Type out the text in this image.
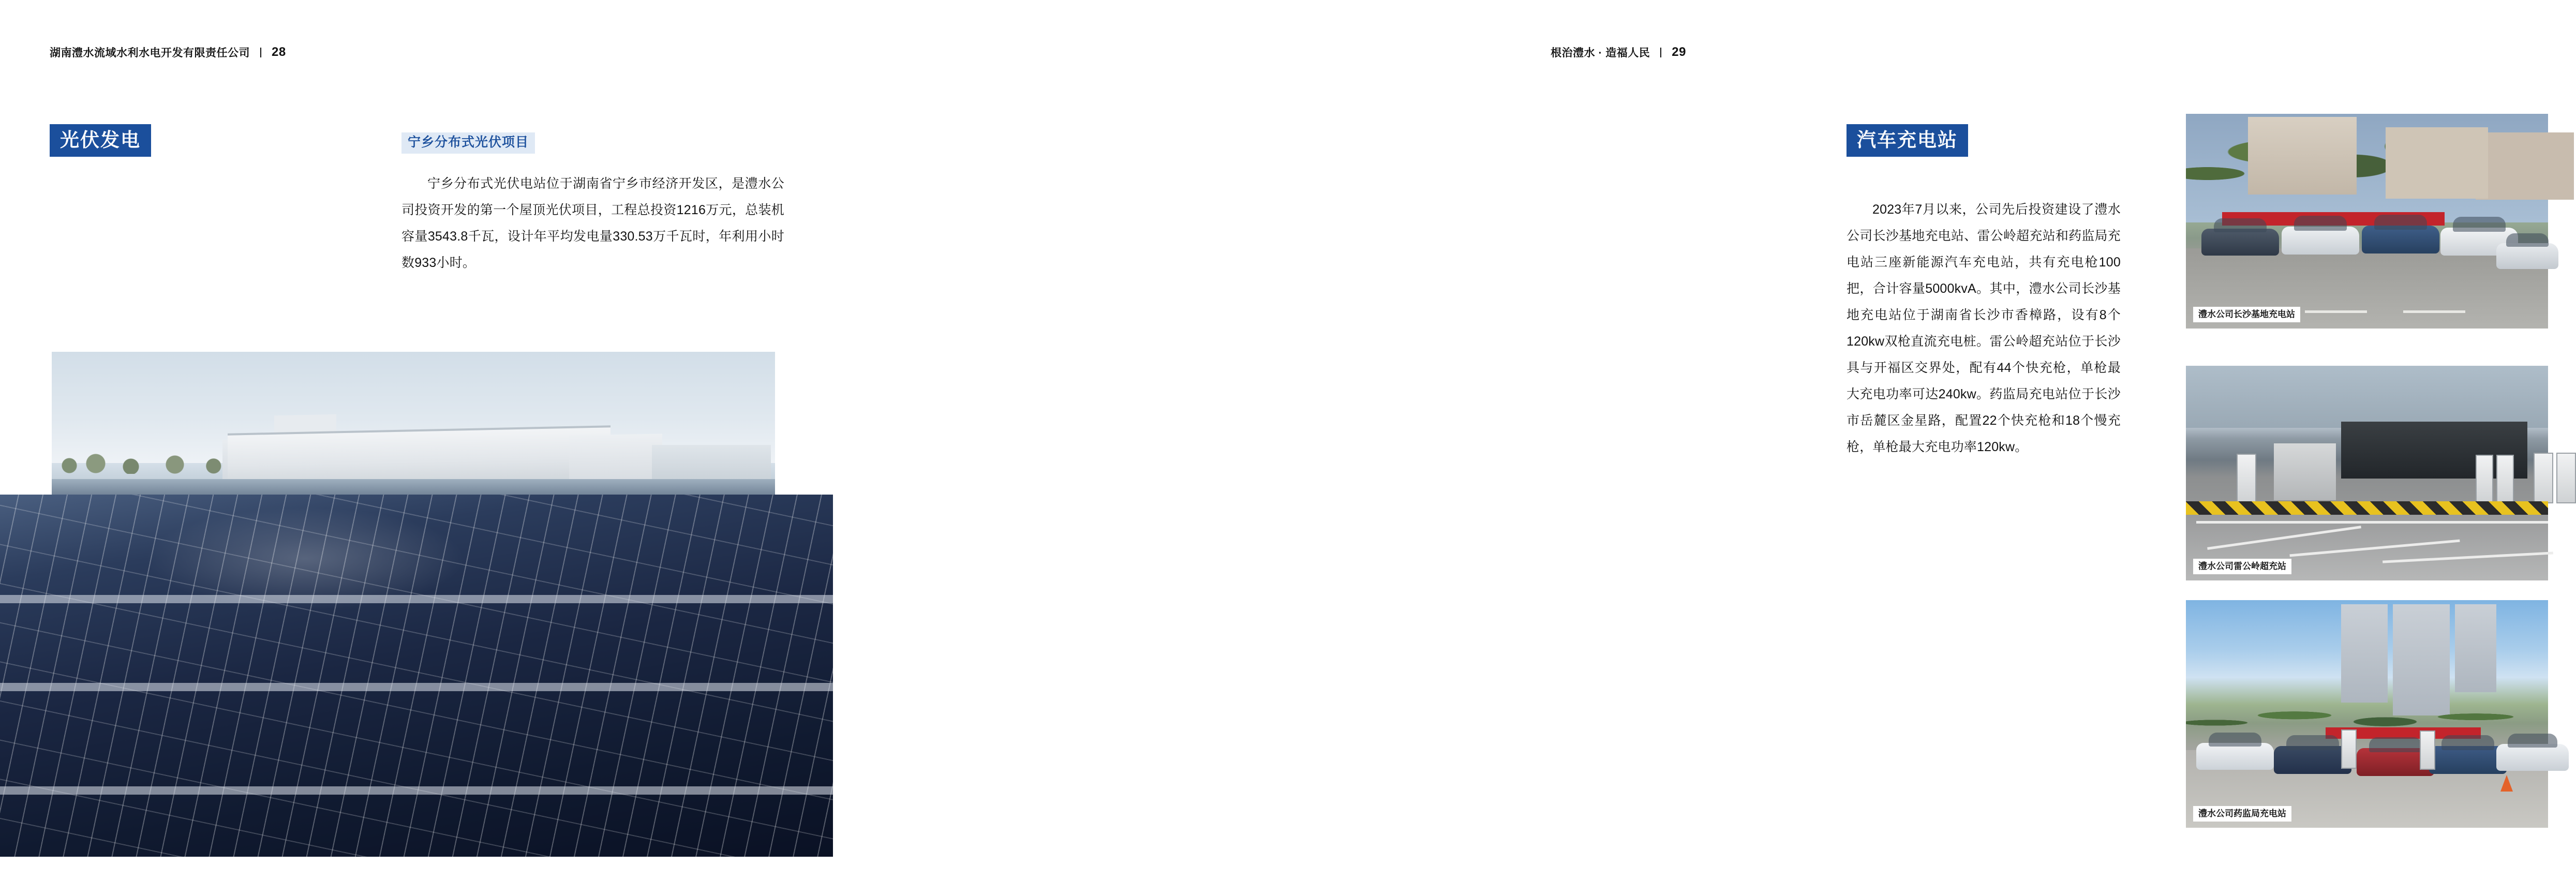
湖南澧水流域水利水电开发有限责任公司 28
光伏发电	宁乡分布式光伏项目

宁乡分布式光伏电站位于湖南省宁乡市经济开发区，是澧水公司投资开发的第一个屋顶光伏项目，工程总投资1216万元，总装机容量3543.8千瓦，设计年平均发电量330.53万千瓦时，年利用小时数933小时。

根治澧水 · 造福人民 29
汽车充电站

2023年7月以来，公司先后投资建设了澧水公司长沙基地充电站、雷公岭超充站和药监局充电站三座新能源汽车充电站，共有充电枪100把，合计容量5000kvA。其中，澧水公司长沙基地充电站位于湖南省长沙市香樟路，设有8个120kw双枪直流充电桩。雷公岭超充站位于长沙具与开福区交界处，配有44个快充枪，单枪最大充电功率可达240kw。药监局充电站位于长沙市岳麓区金星路，配置22个快充枪和18个慢充枪，单枪最大充电功率120kw。

澧水公司长沙基地充电站
澧水公司雷公岭超充站
澧水公司药监局充电站
